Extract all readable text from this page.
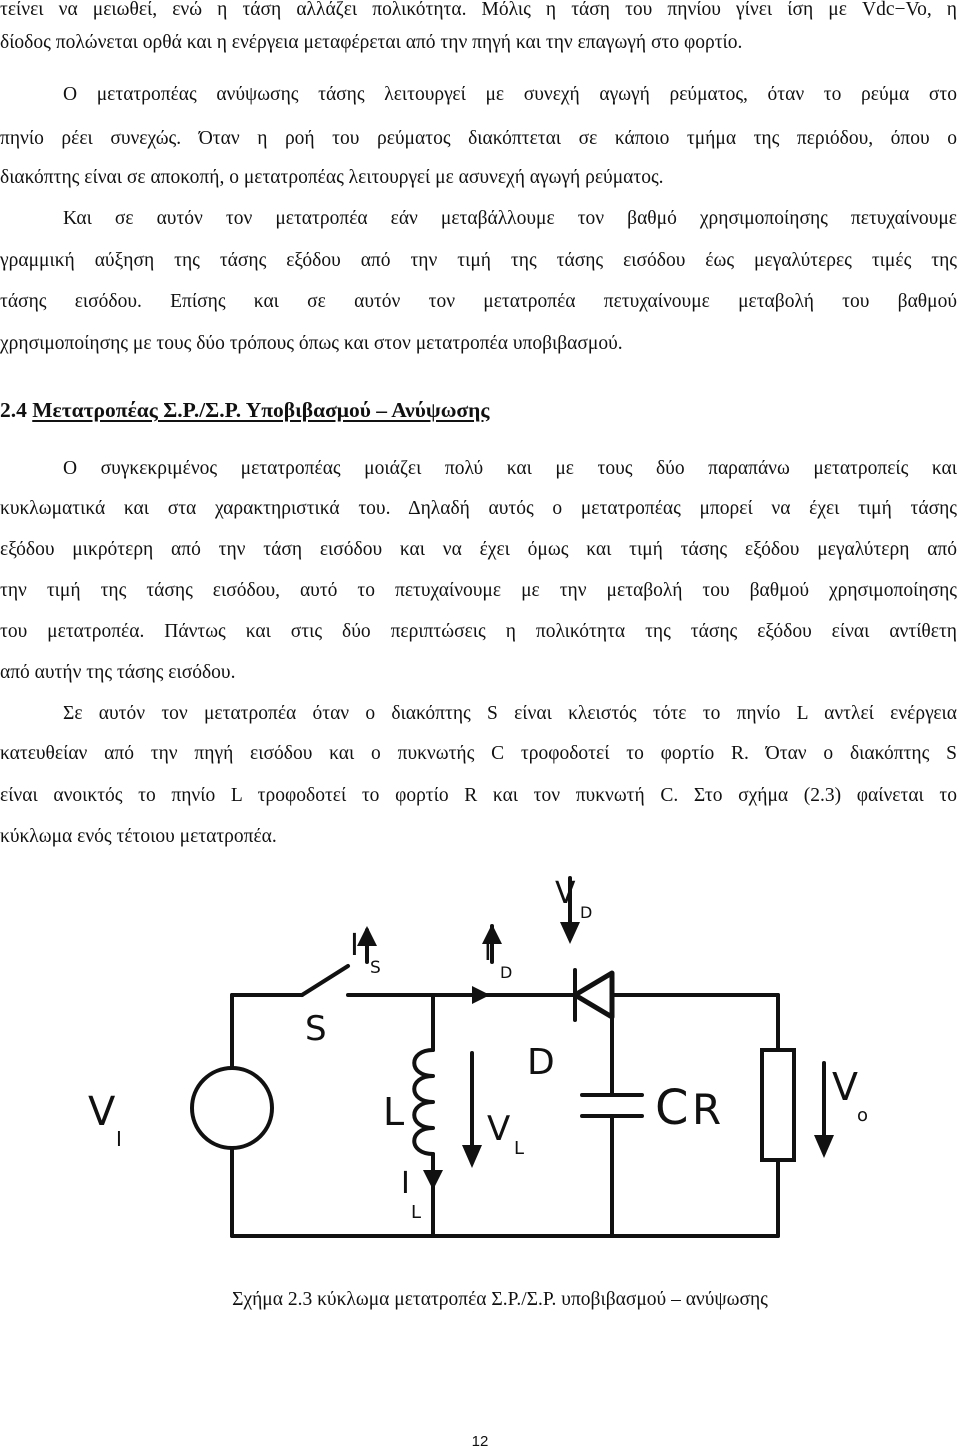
τείνει να μειωθεί, ενώ η τάση αλλάζει πολικότητα. Μόλις η τάση του πηνίου γίνει ίση με Vdc−Vo, η

δίοδος πολώνεται ορθά και η ενέργεια μεταφέρεται από την πηγή και την επαγωγή στο φορτίο.

Ο μετατροπέας ανύψωσης τάσης λειτουργεί με συνεχή αγωγή ρεύματος, όταν το ρεύμα στο

πηνίο ρέει συνεχώς. Όταν η ροή του ρεύματος διακόπτεται σε κάποιο τμήμα της περιόδου, όπου ο

διακόπτης είναι σε αποκοπή, ο μετατροπέας λειτουργεί με ασυνεχή αγωγή ρεύματος.

Και σε αυτόν τον μετατροπέα εάν μεταβάλλουμε τον βαθμό χρησιμοποίησης πετυχαίνουμε

γραμμική αύξηση της τάσης εξόδου από την τιμή της τάσης εισόδου έως μεγαλύτερες τιμές της

τάσης εισόδου. Επίσης και σε αυτόν τον μετατροπέα πετυχαίνουμε μεταβολή του βαθμού

χρησιμοποίησης με τους δύο τρόπους όπως και στον μετατροπέα υποβιβασμού.

2.4 Μετατροπέας Σ.Ρ./Σ.Ρ. Υποβιβασμού – Ανύψωσης

Ο συγκεκριμένος μετατροπέας μοιάζει πολύ και με τους δύο παραπάνω μετατροπείς και

κυκλωματικά και στα χαρακτηριστικά του. Δηλαδή αυτός ο μετατροπέας μπορεί να έχει τιμή τάσης

εξόδου μικρότερη από την τάση εισόδου και να έχει όμως και τιμή τάσης εξόδου μεγαλύτερη από

την τιμή της τάσης εισόδου, αυτό το πετυχαίνουμε με την μεταβολή του βαθμού χρησιμοποίησης

του μετατροπέα. Πάντως και στις δύο περιπτώσεις η πολικότητα της τάσης εξόδου είναι αντίθετη

από αυτήν της τάσης εισόδου.

Σε αυτόν τον μετατροπέα όταν ο διακόπτης S είναι κλειστός τότε το πηνίο L αντλεί ενέργεια

κατευθείαν από την πηγή εισόδου και ο πυκνωτής C τροφοδοτεί το φορτίο R. Όταν ο διακόπτης S

είναι ανοικτός το πηνίο L τροφοδοτεί το φορτίο R και τον πυκνωτή C. Στο σχήμα (2.3) φαίνεται το

κύκλωμα ενός τέτοιου μετατροπέα.

V
D
I
S
I
D
S
D
L V L
I
L
C R
V
I
V
o

Σχήμα 2.3 κύκλωμα μετατροπέα Σ.Ρ./Σ.Ρ. υποβιβασμού – ανύψωσης

12
